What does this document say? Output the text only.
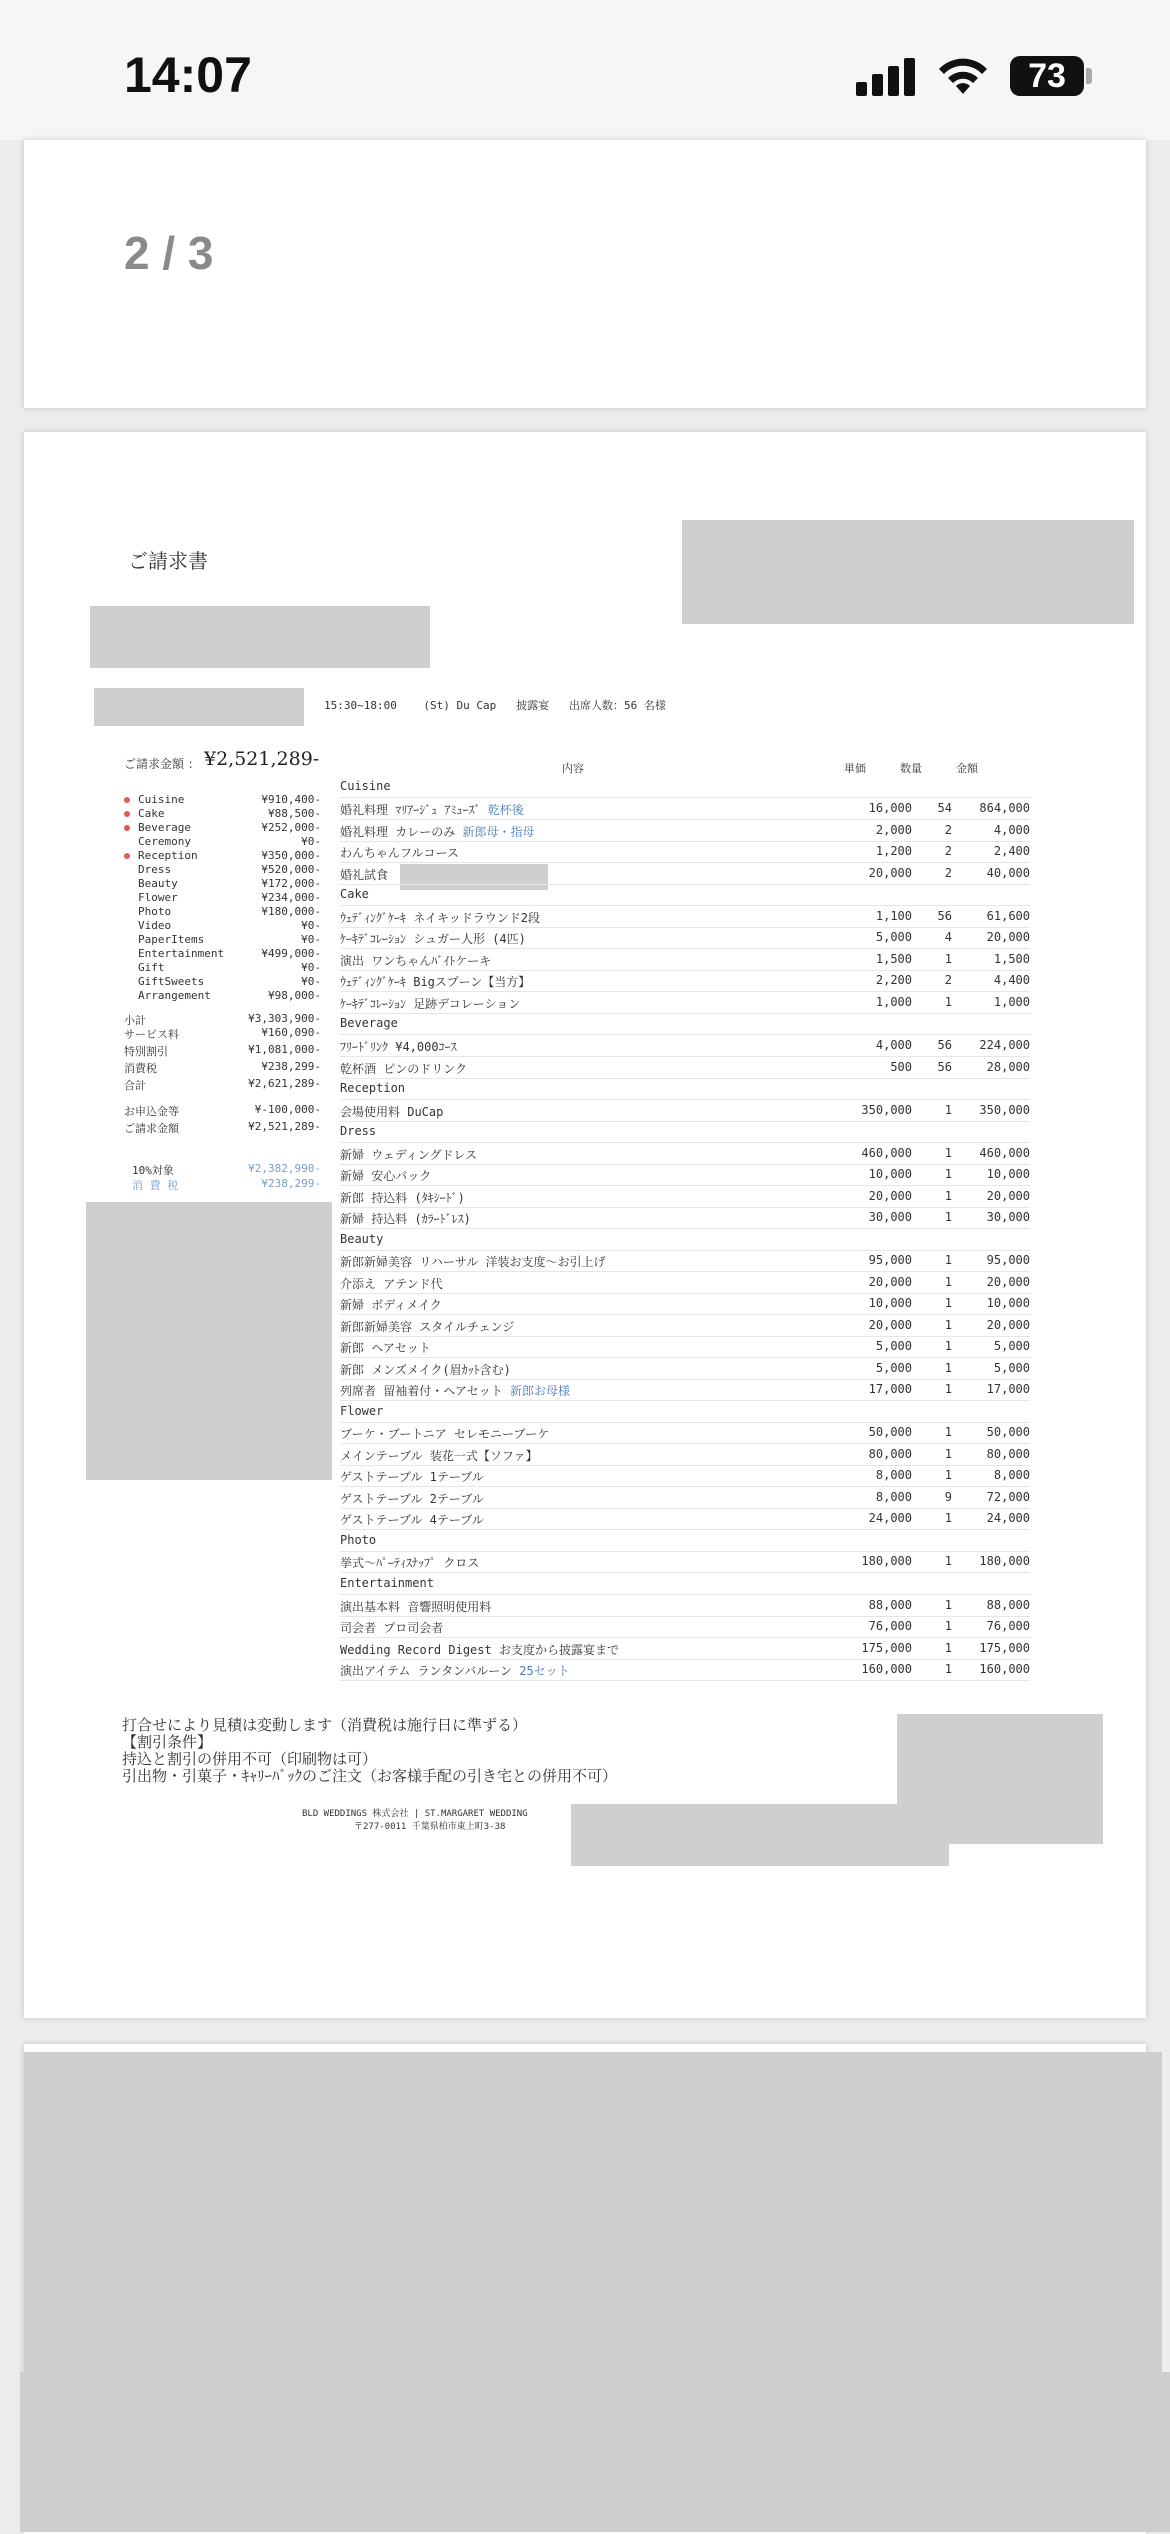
14:07	73
2 / 3
ご請求書
15:30~18:00 (St) Du Cap 披露宴 出席人数：56 名様
ご請求金額 ： ¥2,521,289-
Cuisine	¥910,400-
Cake	¥88,500-
Beverage	¥252,000-
Ceremony	¥0-
Reception	¥350,000-
Dress	¥520,000-
Beauty	¥172,000-
Flower	¥234,000-
Photo	¥180,000-
Video	¥0-
PaperItems	¥0-
Entertainment	¥499,000-
Gift	¥0-
GiftSweets	¥0-
Arrangement	¥98,000-
小計	¥3,303,900-
サービス料	¥160,090-
特別割引	¥1,081,000-
消費税	¥238,299-
合計	¥2,621,289-
お申込金等	¥-100,000-
ご請求金額	¥2,521,289-
10%対象	¥2,382,990-
消 費 税	¥238,299-
内容	単価	数量	金額
Cuisine
婚礼料理 ﾏﾘｱｰｼﾞｭ ｱﾐｭｰｽﾞ 乾杯後	16,000 54 864,000
婚礼料理 カレーのみ 新郎母・指母	2,000	2	4,000
わんちゃんフルコース	1,200	2	2,400
婚礼試食	20,000	2	40,000
Cake
ｳｪﾃﾞｨﾝｸﾞｹｰｷ ネイキッドラウンド2段	1,100 56	61,600
ｹｰｷﾃﾞｺﾚｰｼｮﾝ シュガー人形 (4匹)	5,000	4	20,000
演出 ワンちゃんﾊﾞｲﾄケーキ	1,500	1	1,500
ｳｪﾃﾞｨﾝｸﾞｹｰｷ Bigスプーン【当方】	2,200	2	4,400
ｹｰｷﾃﾞｺﾚｰｼｮﾝ 足跡デコレーション	1,000	1	1,000
Beverage
ﾌﾘｰﾄﾞﾘﾝｸ ¥4,000ｺｰｽ	4,000 56 224,000
乾杯酒 ピンのドリンク	500 56	28,000
Reception
会場使用料 DuCap	350,000	1 350,000
Dress
新婦 ウェディングドレス	460,000	1 460,000
新婦 安心パック	10,000	1	10,000
新郎 持込料 (ﾀｷｼｰﾄﾞ)	20,000	1	20,000
新婦 持込料 (ｶﾗｰﾄﾞﾚｽ)	30,000	1	30,000
Beauty
新郎新婦美容 リハーサル 洋装お支度～お引上げ	95,000	1	95,000
介添え アテンド代	20,000	1	20,000
新婦 ボディメイク	10,000	1	10,000
新郎新婦美容 スタイルチェンジ	20,000	1	20,000
新郎 ヘアセット	5,000	1	5,000
新郎 メンズメイク(眉ｶｯﾄ含む)	5,000	1	5,000
列席者 留袖着付・ヘアセット 新郎お母様	17,000	1	17,000
Flower
ブーケ・ブートニア セレモニーブーケ	50,000	1	50,000
メインテーブル 装花一式【ソファ】	80,000	1	80,000
ゲストテーブル 1テーブル	8,000	1	8,000
ゲストテーブル 2テーブル	8,000	9	72,000
ゲストテーブル 4テーブル	24,000	1	24,000
Photo
挙式～ﾊﾟｰﾃｨｽﾅｯﾌﾟ クロス	180,000	1 180,000
Entertainment
演出基本料 音響照明使用料	88,000	1	88,000
司会者 プロ司会者	76,000	1	76,000
Wedding Record Digest お支度から披露宴まで	175,000	1 175,000
演出アイテム ランタンバルーン 25セット	160,000	1 160,000
打合せにより見積は変動します（消費税は施行日に準ずる）
【割引条件】
持込と割引の併用不可（印刷物は可）
引出物・引菓子・ｷｬﾘｰﾊﾞｯｸのご注文（お客様手配の引き宅との併用不可）
BLD WEDDINGS 株式会社 | ST.MARGARET WEDDING
〒277-0011 千葉県柏市東上町3-38
